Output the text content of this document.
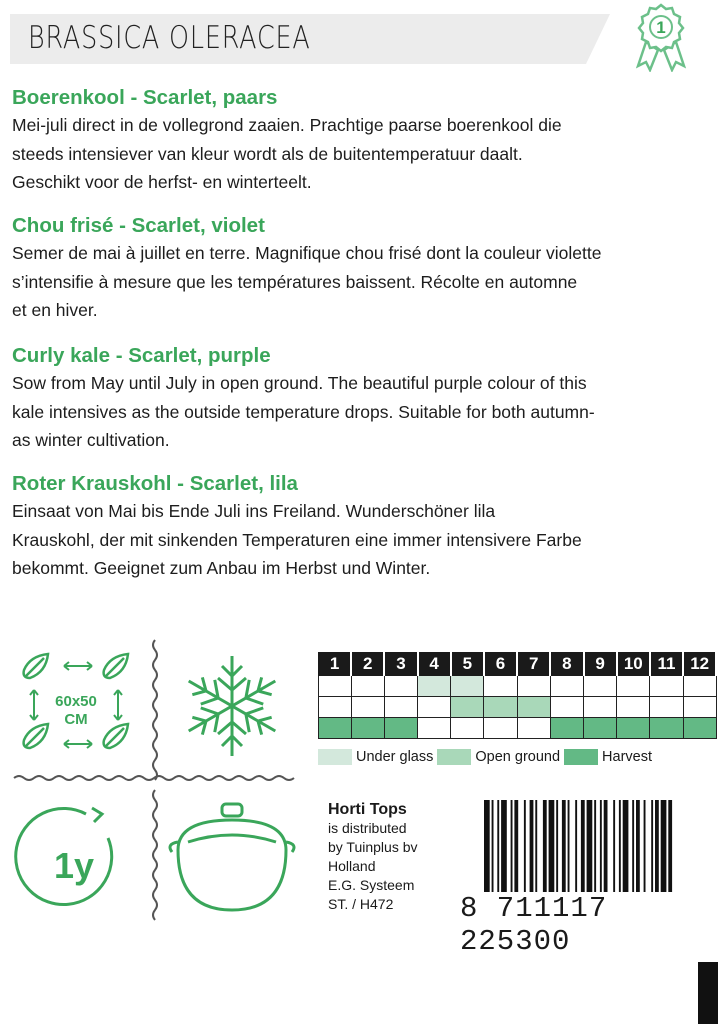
BRASSICA OLERACEA	1

Boerenkool - Scarlet, paars

Mei-juli direct in de vollegrond zaaien. Prachtige paarse boerenkool die
steeds intensiever van kleur wordt als de buitentemperatuur daalt.
Geschikt voor de herfst- en winterteelt.

Chou frisé - Scarlet, violet

Semer de mai à juillet en terre. Magnifique chou frisé dont la couleur violette
s’intensifie à mesure que les températures baissent. Récolte en automne
et en hiver.

Curly kale - Scarlet, purple

Sow from May until July in open ground. The beautiful purple colour of this
kale intensives as the outside temperature drops. Suitable for both autumn-
as winter cultivation.

Roter Krauskohl - Scarlet, lila

Einsaat von Mai bis Ende Juli ins Freiland. Wunderschöner lila
Krauskohl, der mit sinkenden Temperaturen eine immer intensivere Farbe
bekommt. Geeignet zum Anbau im Herbst und Winter.

60x50
CM
1y
1	2	3	4	5	6	7	8	9	10	11	12

Under glass	Open ground	Harvest
Horti Tops
is distributed
by Tuinplus bv
Holland
E.G. Systeem
ST. / H472	8 711117 225300
